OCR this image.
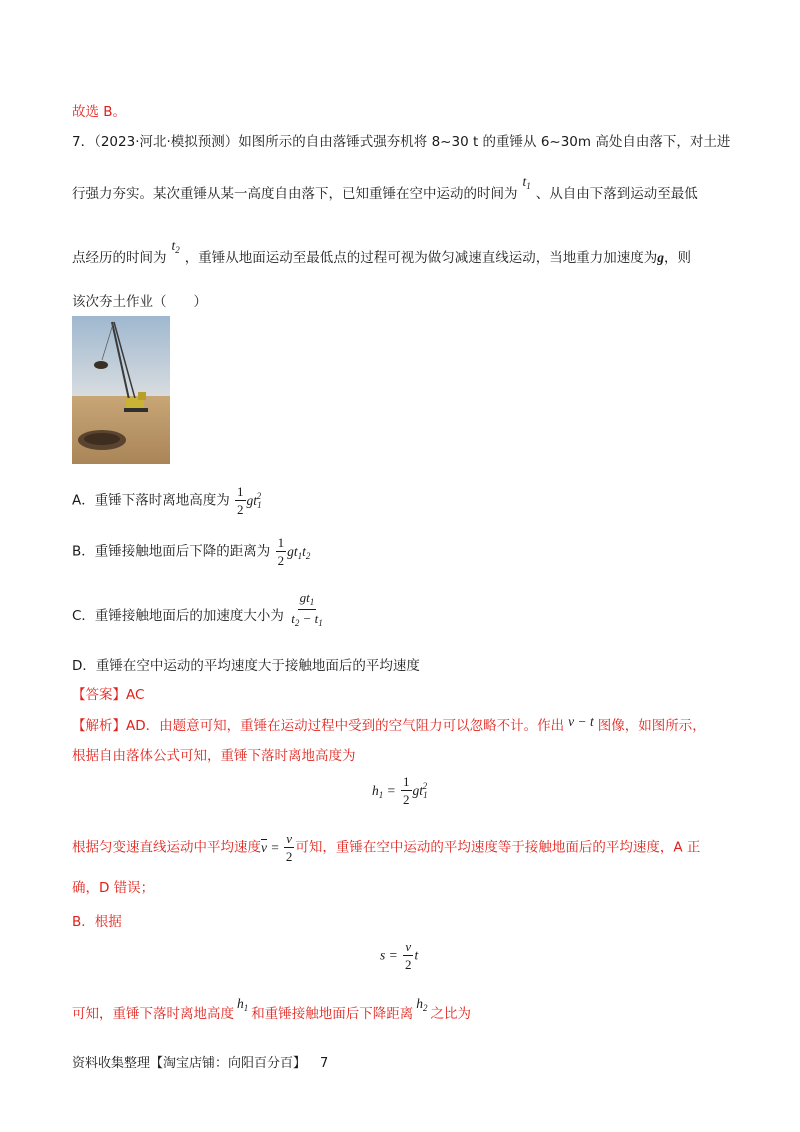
故选 B。
7．（2023·河北·模拟预测）如图所示的自由落锤式强夯机将 8~30 t 的重锤从 6~30m 高处自由落下，对土进
行强力夯实。某次重锤从某一高度自由落下，已知重锤在空中运动的时间为$t_1$ 、从自由下落到运动至最低
点经历的时间为$t_2$ ，重锤从地面运动至最低点的过程可视为做匀减速直线运动，当地重力加速度为g，则
该次夯土作业（　　）
A．重锤下落时离地高度为 $\frac{1}{2} gt_1^2$
B．重锤接触地面后下降的距离为 $\frac{1}{2} gt_1t_2$
C．重锤接触地面后的加速度大小为 $\frac{gt_1}{t_2 - t_1}$
D．重锤在空中运动的平均速度大于接触地面后的平均速度
【答案】AC
【解析】AD．由题意可知，重锤在运动过程中受到的空气阻力可以忽略不计。作出 v − t 图像，如图所示，
根据自由落体公式可知，重锤下落时离地高度为
$h_1 = \frac{1}{2} gt_1^2$
根据匀变速直线运动中平均速度$\overline{v} = \frac{v}{2}$ 可知，重锤在空中运动的平均速度等于接触地面后的平均速度，A 正
确，D 错误；
B．根据
$s = \frac{v}{2}$ t
可知，重锤下落时离地高度$h_1$ 和重锤接触地面后下降距离$h_2$ 之比为
资料收集整理【淘宝店铺：向阳百分百】 7
